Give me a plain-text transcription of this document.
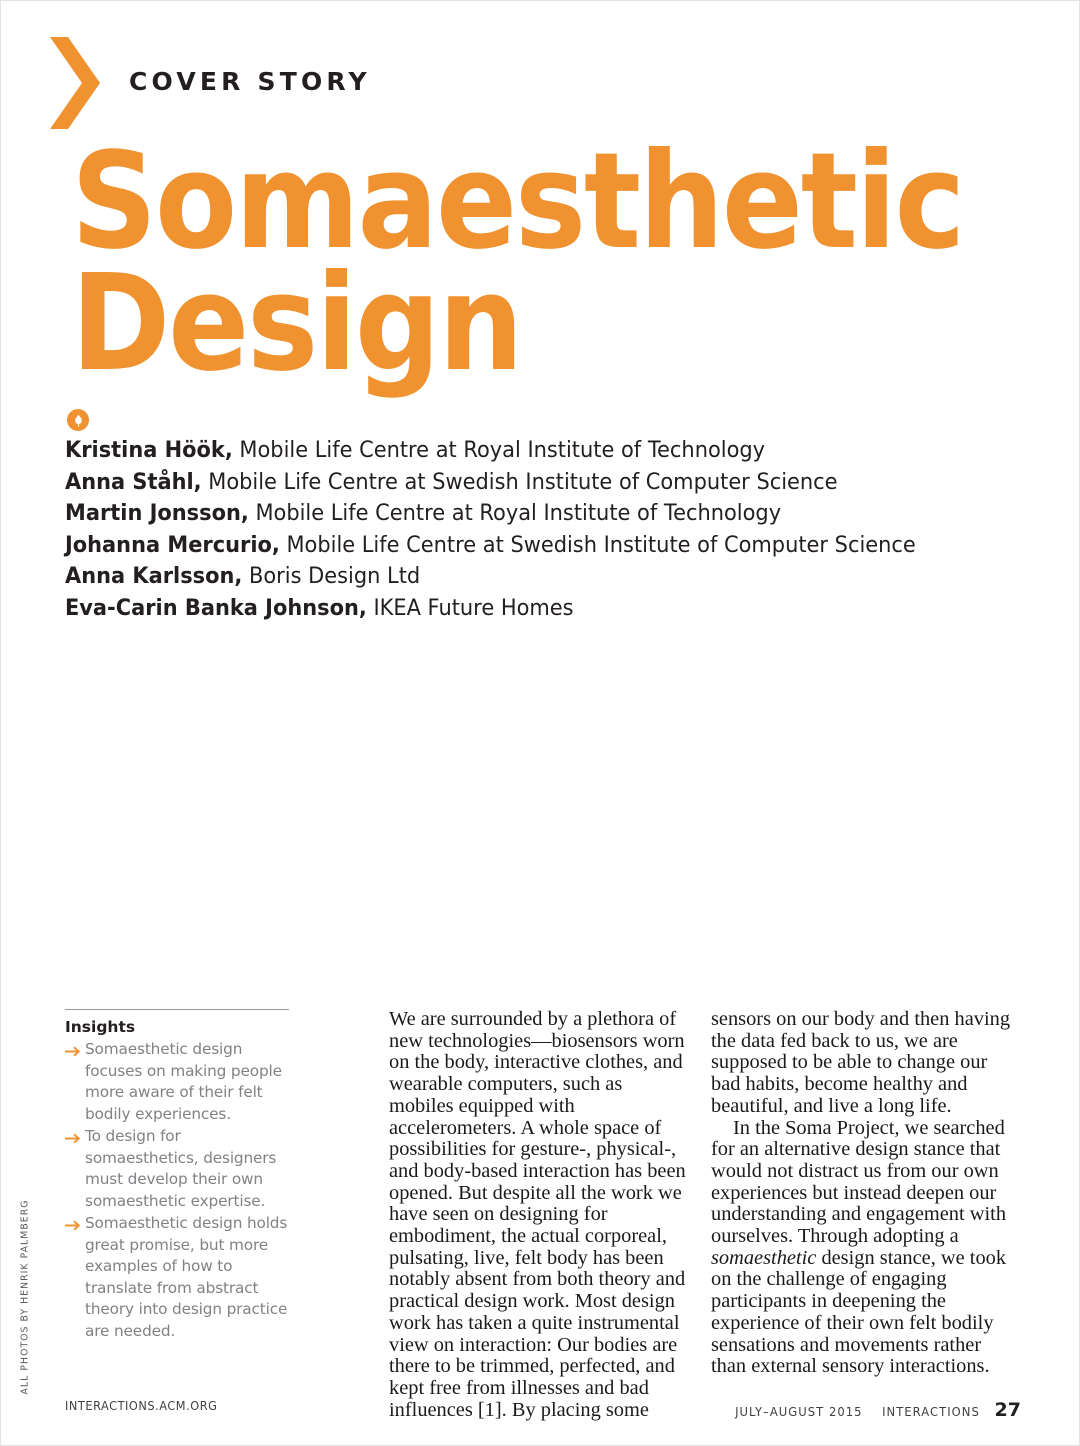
COVER STORY
Somaesthetic
Design
Kristina Höök, Mobile Life Centre at Royal Institute of Technology
Anna Ståhl, Mobile Life Centre at Swedish Institute of Computer Science
Martin Jonsson, Mobile Life Centre at Royal Institute of Technology
Johanna Mercurio, Mobile Life Centre at Swedish Institute of Computer Science
Anna Karlsson, Boris Design Ltd
Eva-Carin Banka Johnson, IKEA Future Homes
Insights
Somaesthetic design focuses on making people more aware of their felt bodily experiences.
To design for somaesthetics, designers must develop their own somaesthetic expertise.
Somaesthetic design holds great promise, but more examples of how to translate from abstract theory into design practice are needed.
ALL PHOTOS BY HENRIK PALMBERG

We are surrounded by a plethora of new technologies—biosensors worn on the body, interactive clothes, and wearable computers, such as mobiles equipped with accelerometers. A whole space of possibilities for gesture-, physical-, and body-based interaction has been opened. But despite all the work we have seen on designing for embodiment, the actual corporeal, pulsating, live, felt body has been notably absent from both theory and practical design work. Most design work has taken a quite instrumental view on interaction: Our bodies are there to be trimmed, perfected, and kept free from illnesses and bad influences [1]. By placing some

sensors on our body and then having the data fed back to us, we are supposed to be able to change our bad habits, become healthy and beautiful, and live a long life.

In the Soma Project, we searched for an alternative design stance that would not distract us from our own experiences but instead deepen our understanding and engagement with ourselves. Through adopting a somaesthetic design stance, we took on the challenge of engaging participants in deepening the experience of their own felt bodily sensations and movements rather than external sensory interactions.

INTERACTIONS.ACM.ORG	JULY–AUGUST 2015 INTERACTIONS 27
